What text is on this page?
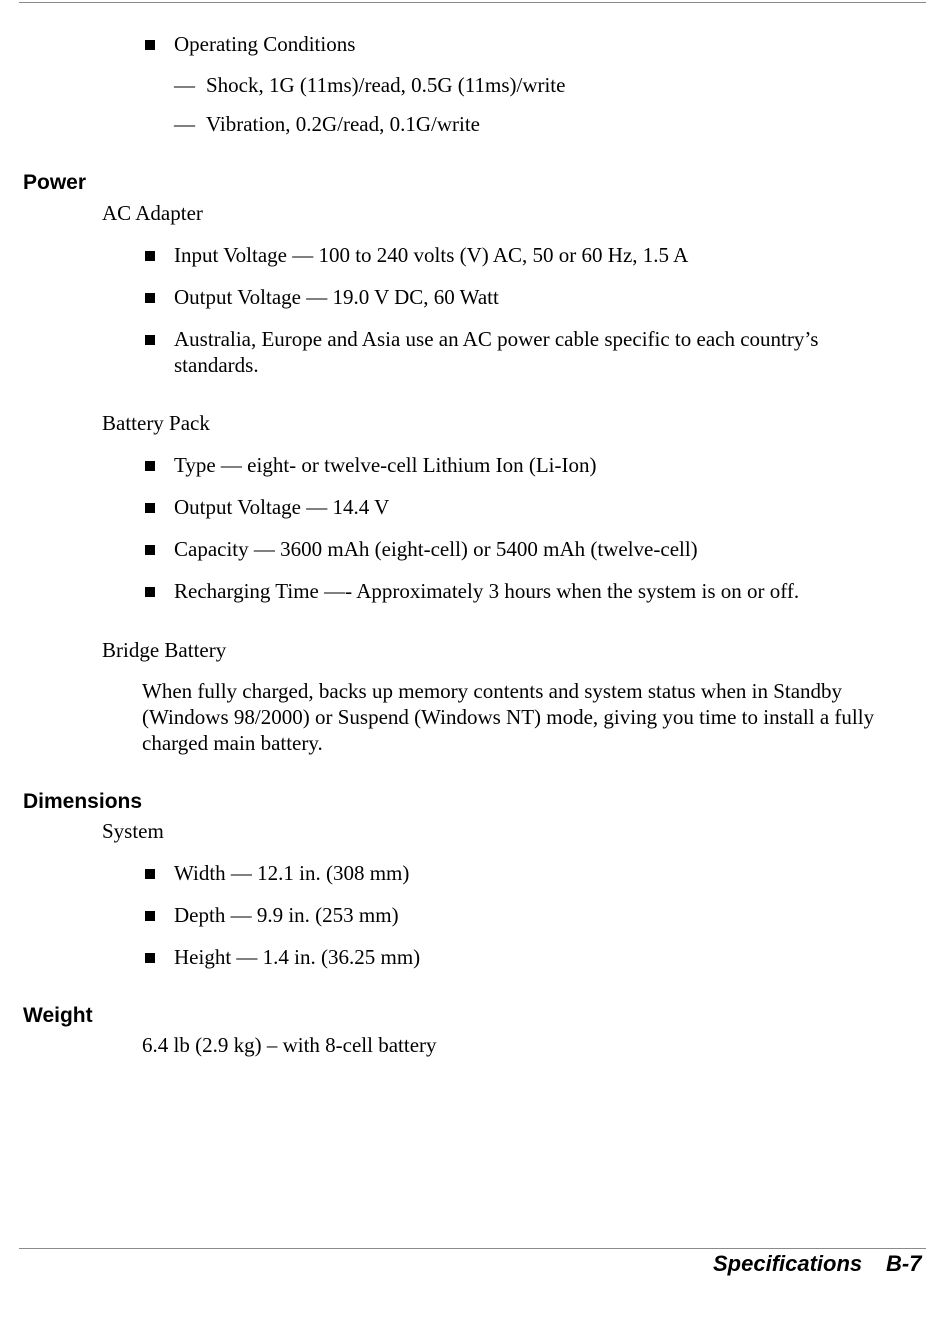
Operating Conditions
— Shock, 1G (11ms)/read, 0.5G (11ms)/write
— Vibration, 0.2G/read, 0.1G/write
Power
AC Adapter
Input Voltage — 100 to 240 volts (V) AC, 50 or 60 Hz, 1.5 A
Output Voltage — 19.0 V DC, 60 Watt
Australia, Europe and Asia use an AC power cable specific to each country’s standards.
Battery Pack
Type — eight- or twelve-cell Lithium Ion (Li-Ion)
Output Voltage — 14.4 V
Capacity — 3600 mAh (eight-cell) or 5400 mAh (twelve-cell)
Recharging Time —- Approximately 3 hours when the system is on or off.
Bridge Battery
When fully charged, backs up memory contents and system status when in Standby (Windows 98/2000) or Suspend (Windows NT) mode, giving you time to install a fully charged main battery.
Dimensions
System
Width — 12.1 in. (308 mm)
Depth — 9.9 in. (253 mm)
Height — 1.4 in. (36.25 mm)
Weight
6.4 lb (2.9 kg) – with 8-cell battery
Specifications B-7
